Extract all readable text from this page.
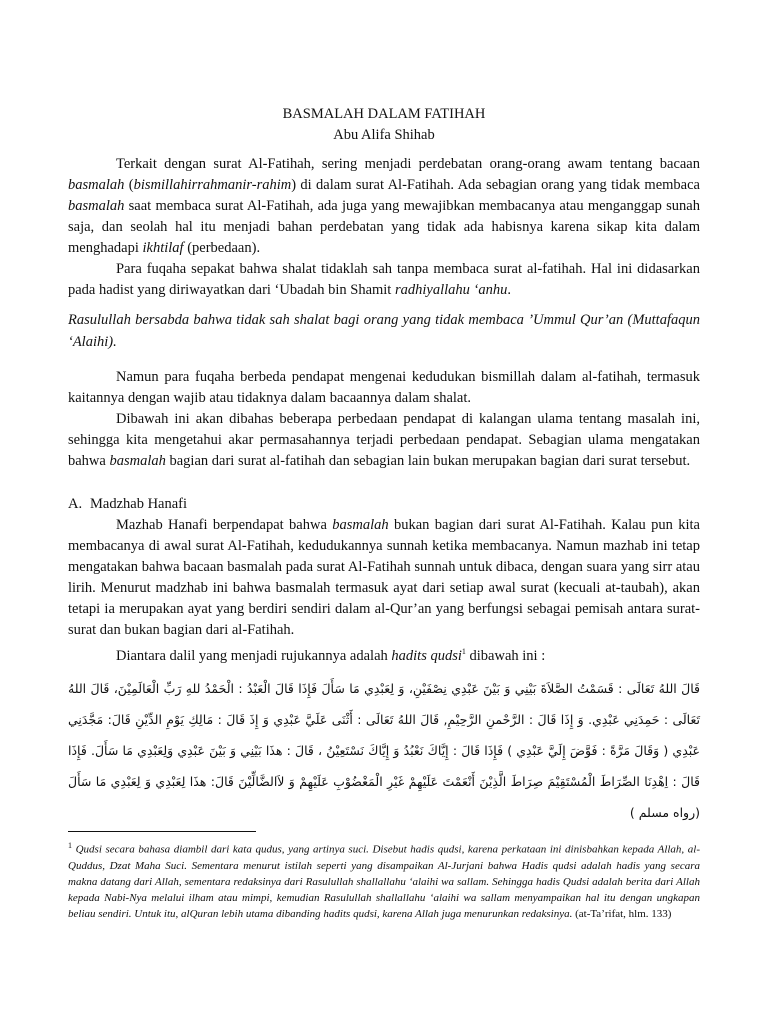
BASMALAH DALAM FATIHAH

Abu Alifa Shihab

Terkait dengan surat Al-Fatihah, sering menjadi perdebatan orang-orang awam tentang bacaan basmalah (bismillahirrahmanir-rahim) di dalam surat Al-Fatihah. Ada sebagian orang yang tidak membaca basmalah saat membaca surat Al-Fatihah, ada juga yang mewajibkan membacanya atau menganggap sunah saja, dan seolah hal itu menjadi bahan perdebatan yang tidak ada habisnya karena sikap kita dalam menghadapi ikhtilaf (perbedaan).

Para fuqaha sepakat bahwa shalat tidaklah sah tanpa membaca surat al-fatihah. Hal ini didasarkan pada hadist yang diriwayatkan dari ‘Ubadah bin Shamit radhiyallahu ‘anhu.

Rasulullah bersabda bahwa tidak sah shalat bagi orang yang tidak membaca ’Ummul Qur’an (Muttafaqun ‘Alaihi).

Namun para fuqaha berbeda pendapat mengenai kedudukan bismillah dalam al-fatihah, termasuk kaitannya dengan wajib atau tidaknya dalam bacaannya dalam shalat.

Dibawah ini akan dibahas beberapa perbedaan pendapat di kalangan ulama tentang masalah ini, sehingga kita mengetahui akar permasahannya terjadi perbedaan pendapat. Sebagian ulama mengatakan bahwa basmalah bagian dari surat al-fatihah dan sebagian lain bukan merupakan bagian dari surat tersebut.

A. Madzhab Hanafi

Mazhab Hanafi berpendapat bahwa basmalah bukan bagian dari surat Al-Fatihah. Kalau pun kita membacanya di awal surat Al-Fatihah, kedudukannya sunnah ketika membacanya. Namun mazhab ini tetap mengatakan bahwa bacaan basmalah pada surat Al-Fatihah sunnah untuk dibaca, dengan suara yang sirr atau lirih. Menurut madzhab ini bahwa basmalah termasuk ayat dari setiap awal surat (kecuali at-taubah), akan tetapi ia merupakan ayat yang berdiri sendiri dalam al-Qur’an yang berfungsi sebagai pemisah antara surat-surat dan bukan bagian dari al-Fatihah.

Diantara dalil yang menjadi rujukannya adalah hadits qudsi$^1$ dibawah ini :

قَالَ اللهُ تَعَالَى : قَسَمْتُ الصَّلاَةَ بَيْنِي وَ بَيْنَ عَبْدِي نِصْفَيْنِ، وَ لِعَبْدِي مَا سَأَلَ فَإِذَا قَالَ الْعَبْدُ : الْحَمْدُ للهِ رَبِّ الْعَالَمِيْنَ، قَالَ اللهُ تَعَالَى : حَمِدَنِي عَبْدِي. وَ إِذَا قَالَ : الرَّحْمنِ الرَّحِيْمِ, قَالَ اللهُ تَعَالَى : أَثْنَى عَلَيَّ عَبْدِي وَ إِذَ قَالَ : مَالِكِ يَوْمِ الدِّيْنِ قَالَ: مَجَّدَنِي عَبْدِي ( وَقَالَ مَرَّةً : فَوَّضَ إِلَيَّ عَبْدِي ) فَإِذَا قَالَ : إِيَّاكَ نَعْبُدُ وَ إِيَّاكَ نَسْتَعِيْنُ ، قَالَ : هذَا بَيْنِي وَ بَيْنَ عَبْدِي وَلِعَبْدِي مَا سَأَلَ. فَإِذَا قَالَ : اِهْدِنَا الصِّرَاطَ الْمُسْتَقِيْمَ صِرَاطَ الَّذِيْنَ أَنْعَمْتَ عَلَيْهِمْ غَيْرِ الْمَغْضُوْبِ عَلَيْهِمْ وَ لاَالضَّالِّيْنَ قَالَ: هذَا لِعَبْدِي وَ لِعَبْدِي مَا سَأَلَ (رواه مسلم )

$^1$ Qudsi secara bahasa diambil dari kata qudus, yang artinya suci. Disebut hadis qudsi, karena perkataan ini dinisbahkan kepada Allah, al-Quddus, Dzat Maha Suci. Sementara menurut istilah seperti yang disampaikan Al-Jurjani bahwa Hadis qudsi adalah hadis yang secara makna datang dari Allah, sementara redaksinya dari Rasulullah shallallahu ‘alaihi wa sallam. Sehingga hadis Qudsi adalah berita dari Allah kepada Nabi-Nya melalui ilham atau mimpi, kemudian Rasulullah shallallahu ‘alaihi wa sallam menyampaikan hal itu dengan ungkapan beliau sendiri. Untuk itu, alQuran lebih utama dibanding hadits qudsi, karena Allah juga menurunkan redaksinya. (at-Ta’rifat, hlm. 133)
